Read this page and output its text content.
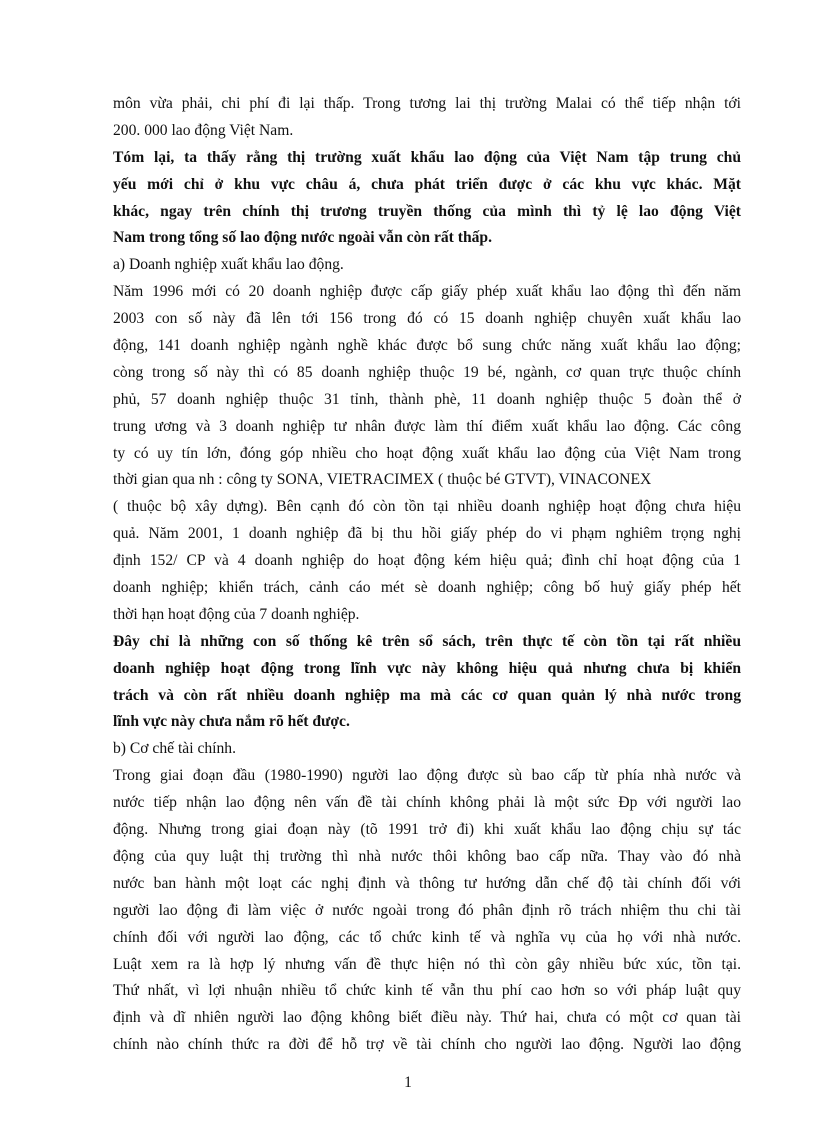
môn vừa phải, chi phí đi lại thấp. Trong tương lai thị trường Malai có thể tiếp nhận tới
200. 000 lao động Việt Nam.
Tóm lại, ta thấy rằng thị trường xuất khẩu lao động của Việt Nam tập trung chủ
yếu mới chỉ ở khu vực châu á, chưa phát triển được ở các khu vực khác. Mặt
khác, ngay trên chính thị trương truyền thống của mình thì tỷ lệ lao động Việt
Nam trong tổng số lao động nước ngoài vẫn còn rất thấp.
a) Doanh nghiệp xuất khẩu lao động.
Năm 1996 mới có 20 doanh nghiệp được cấp giấy phép xuất khẩu lao động thì đến năm
2003 con số này đã lên tới 156 trong đó có 15 doanh nghiệp chuyên xuất khẩu lao
động, 141 doanh nghiệp ngành nghề khác được bổ sung chức năng xuất khẩu lao động;
còng trong số này thì có 85 doanh nghiệp thuộc 19 bé, ngành, cơ quan trực thuộc chính
phủ, 57 doanh nghiệp thuộc 31 tỉnh, thành phè, 11 doanh nghiệp thuộc 5 đoàn thể ở
trung ương và 3 doanh nghiệp tư nhân được làm thí điểm xuất khẩu lao động. Các công
ty có uy tín lớn, đóng góp nhiều cho hoạt động xuất khẩu lao động của Việt Nam trong
thời gian qua nh : công ty SONA, VIETRACIMEX ( thuộc bé GTVT), VINACONEX
( thuộc bộ xây dựng). Bên cạnh đó còn tồn tại nhiều doanh nghiệp hoạt động chưa hiệu
quả. Năm 2001, 1 doanh nghiệp đã bị thu hồi giấy phép do vi phạm nghiêm trọng nghị
định 152/ CP và 4 doanh nghiệp do hoạt động kém hiệu quả; đình chỉ hoạt động của 1
doanh nghiệp; khiển trách, cảnh cáo mét sè doanh nghiệp; công bố huỷ giấy phép hết
thời hạn hoạt động của 7 doanh nghiệp.
Đây chỉ là những con số thống kê trên sổ sách, trên thực tế còn tồn tại rất nhiều
doanh nghiệp hoạt động trong lĩnh vực này không hiệu quả nhưng chưa bị khiển
trách và còn rất nhiều doanh nghiệp ma mà các cơ quan quản lý nhà nước trong
lĩnh vực này chưa nắm rõ hết được.
b) Cơ chế tài chính.
Trong giai đoạn đầu (1980-1990) người lao động được sù bao cấp từ phía nhà nước và
nước tiếp nhận lao động nên vấn đề tài chính không phải là một sức Ðp với người lao
động. Nhưng trong giai đoạn này (tõ 1991 trở đi) khi xuất khẩu lao động chịu sự tác
động của quy luật thị trường thì nhà nước thôi không bao cấp nữa. Thay vào đó nhà
nước ban hành một loạt các nghị định và thông tư hướng dẫn chế độ tài chính đối với
người lao động đi làm việc ở nước ngoài trong đó phân định rõ trách nhiệm thu chi tài
chính đối với người lao động, các tổ chức kinh tế và nghĩa vụ của họ với nhà nước.
Luật xem ra là hợp lý nhưng vấn đề thực hiện nó thì còn gây nhiều bức xúc, tồn tại.
Thứ nhất, vì lợi nhuận nhiều tổ chức kinh tế vẫn thu phí cao hơn so với pháp luật quy
định và dĩ nhiên người lao động không biết điều này. Thứ hai, chưa có một cơ quan tài
chính nào chính thức ra đời để hỗ trợ về tài chính cho người lao động. Người lao động
1
